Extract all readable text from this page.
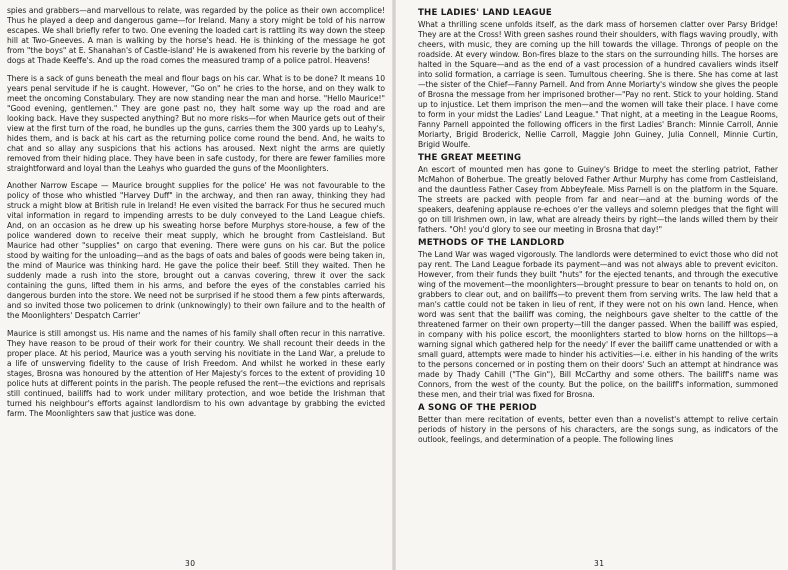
spies and grabbers—and marvellous to relate, was regarded by the police as their own accomplice! Thus he played a deep and dangerous game—for Ireland. Many a story might be told of his narrow escapes. We shall briefly refer to two. One evening the loaded cart is rattling its way down the steep hill at Two-Gneeves. A man is walking by the horse's head. He is thinking of the message he got from "the boys" at E. Shanahan's of Castle-island' He is awakened from his reverie by the barking of dogs at Thade Keeffe's. And up the road comes the measured tramp of a police patrol. Heavens!

There is a sack of guns beneath the meal and flour bags on his car. What is to be done? It means 10 years penal servitude if he is caught. However, "Go on" he cries to the horse, and on they walk to meet the oncoming Constabulary. They are now standing near the man and horse. "Hello Maurice!" "Good evening, gentlemen." They are gone past no, they halt some way up the road and are looking back. Have they suspected anything? But no more risks—for when Maurice gets out of their view at the first turn of the road, he bundles up the guns, carries them the 300 yards up to Leahy's, hides them, and is back at his cart as the returning police come round the bend. And, he waits to chat and so allay any suspicions that his actions has aroused. Next night the arms are quietly removed from their hiding place. They have been in safe custody, for there are fewer families more straightforward and loyal than the Leahys who guarded the guns of the Moonlighters.

Another Narrow Escape — Maurice brought supplies for the police' He was not favourable to the policy of those who whistled "Harvey Duff" in the archway, and then ran away, thinking they had struck a might blow at British rule in Ireland! He even visited the barrack For thus he secured much vital information in regard to impending arrests to be duly conveyed to the Land League chiefs. And, on an occasion as he drew up his sweating horse before Murphys store-house, a few of the police wandered down to receive their meat supply, which he brought from Castleisland. But Maurice had other "supplies" on cargo that evening. There were guns on his car. But the police stood by waiting for the unloading—and as the bags of oats and bales of goods were being taken in, the mind of Maurice was thinking hard. He gave the police their beef. Still they waited. Then he suddenly made a rush into the store, brought out a canvas covering, threw it over the sack containing the guns, lifted them in his arms, and before the eyes of the constables carried his dangerous burden into the store. We need not be surprised if he stood them a few pints afterwards, and so invited those two policemen to drink (unknowingly) to their own failure and to the health of the Moonlighters' Despatch Carrier'

Maurice is still amongst us. His name and the names of his family shall often recur in this narrative. They have reason to be proud of their work for their country. We shall recount their deeds in the proper place. At his period, Maurice was a youth serving his novitiate in the Land War, a prelude to a life of unswerving fidelity to the cause of Irish Freedom. And whilst he worked in these early stages, Brosna was honoured by the attention of Her Majesty's forces to the extent of providing 10 police huts at different points in the parish. The people refused the rent—the evictions and reprisals still continued, bailiffs had to work under military protection, and woe betide the Irishman that turned his neighbour's efforts against landlordism to his own advantage by grabbing the evicted farm. The Moonlighters saw that justice was done.

30
THE LADIES' LAND LEAGUE

What a thrilling scene unfolds itself, as the dark mass of horsemen clatter over Parsy Bridge! They are at the Cross! With green sashes round their shoulders, with flags waving proudly, with cheers, with music, they are coming up the hill towards the village. Throngs of people on the roadside. At every window. Bon-fires blaze to the stars on the surrounding hills. The horses are halted in the Square—and as the end of a vast procession of a hundred cavaliers winds itself into solid formation, a carriage is seen. Tumultous cheering. She is there. She has come at last—the sister of the Chief—Fanny Parnell. And from Anne Moriarty's window she gives the people of Brosna the message from her imprisoned brother—"Pay no rent. Stick to your holding. Stand up to injustice. Let them imprison the men—and the women will take their place. I have come to form in your midst the Ladies' Land League." That night, at a meeting in the League Rooms, Fanny Parnell appointed the following officers in the first Ladies' Branch: Minnie Carroll, Annie Moriarty, Brigid Broderick, Nellie Carroll, Maggie John Guiney, Julia Connell, Minnie Curtin, Brigid Woulfe.

THE GREAT MEETING

An escort of mounted men has gone to Guiney's Bridge to meet the sterling patriot, Father McMahon of Boherbue. The greatly beloved Father Arthur Murphy has come from Castleisland, and the dauntless Father Casey from Abbeyfeale. Miss Parnell is on the platform in the Square. The streets are packed with people from far and near—and at the burning words of the speakers, deafening applause re-echoes o'er the valleys and solemn pledges that the fight will go on till Irishmen own, in law, what are already theirs by right—the lands willed them by their fathers. "Oh! you'd glory to see our meeting in Brosna that day!"

METHODS OF THE LANDLORD

The Land War was waged vigorously. The landlords were determined to evict those who did not pay rent. The Land League forbade its payment—and was not always able to prevent eviciton. However, from their funds they built "huts" for the ejected tenants, and through the executive wing of the movement—the moonlighters—brought pressure to bear on tenants to hold on, on grabbers to clear out, and on bailiffs—to prevent them from serving writs. The law held that a man's cattle could not be taken in lieu of rent, if they were not on his own land. Hence, when word was sent that the bailiff was coming, the neighbours gave shelter to the cattle of the threatened farmer on their own property—till the danger passed. When the bailiff was espied, in company with his police escort, the moonlighters started to blow horns on the hilltops—a warning signal which gathered help for the needy' If ever the bailiff came unattended or with a small guard, attempts were made to hinder his activities—i.e. either in his handing of the writs to the persons concerned or in posting them on their doors' Such an attempt at hindrance was made by Thady Cahill ("The Gin"), Bill McCarthy and some others. The bailiff's name was Connors, from the west of the county. But the police, on the bailiff's information, summoned these men, and their trial was fixed for Brosna.

A SONG OF THE PERIOD

Better than mere recitation of events, better even than a novelist's attempt to relive certain periods of history in the persons of his characters, are the songs sung, as indicators of the outlook, feelings, and determination of a people. The following lines

31
